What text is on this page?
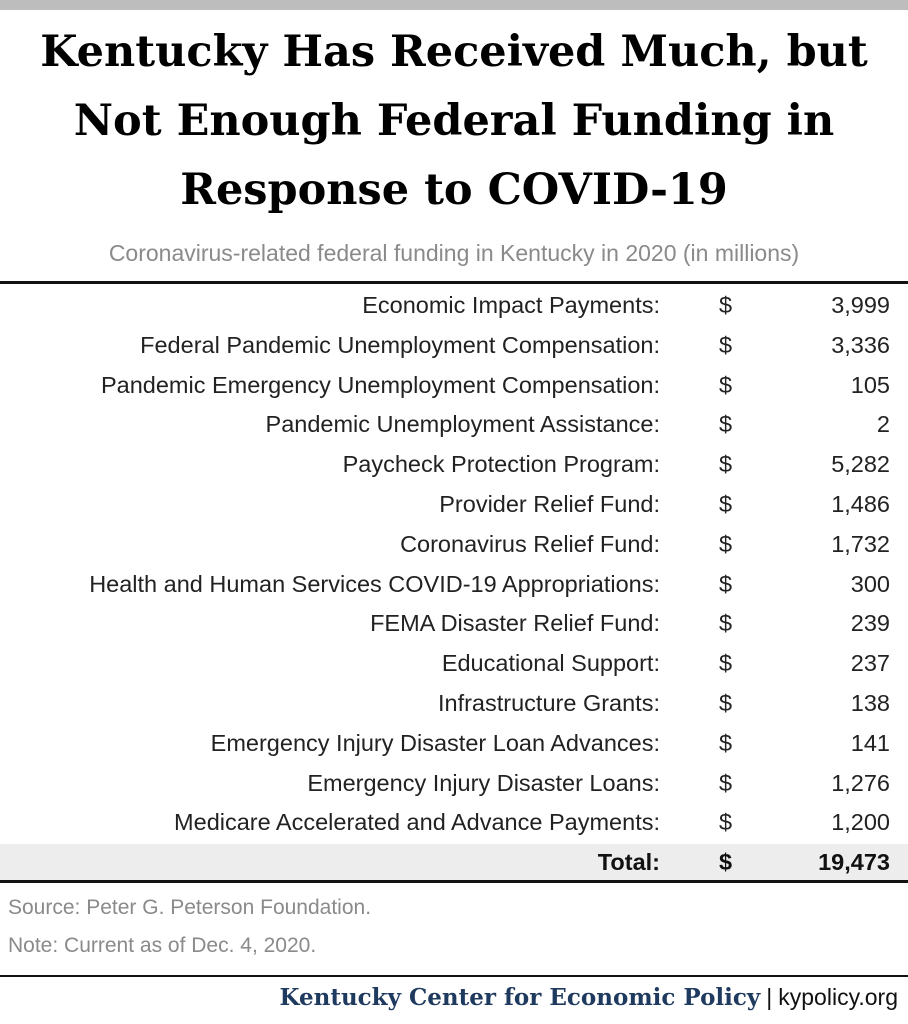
Kentucky Has Received Much, but
Not Enough Federal Funding in
Response to COVID-19
Coronavirus-related federal funding in Kentucky in 2020 (in millions)
Economic Impact Payments:	$	3,999
Federal Pandemic Unemployment Compensation:	$	3,336
Pandemic Emergency Unemployment Compensation:	$	105
Pandemic Unemployment Assistance:	$	2
Paycheck Protection Program:	$	5,282
Provider Relief Fund:	$	1,486
Coronavirus Relief Fund:	$	1,732
Health and Human Services COVID-19 Appropriations:	$	300
FEMA Disaster Relief Fund:	$	239
Educational Support:	$	237
Infrastructure Grants:	$	138
Emergency Injury Disaster Loan Advances:	$	141
Emergency Injury Disaster Loans:	$	1,276
Medicare Accelerated and Advance Payments:	$	1,200
Total:	$	19,473
Source: Peter G. Peterson Foundation.
Note: Current as of Dec. 4, 2020.
Kentucky Center for Economic Policy | kypolicy.org
